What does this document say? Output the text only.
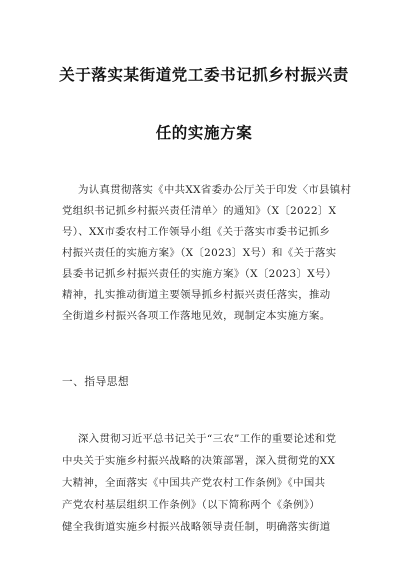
关于落实某街道党工委书记抓乡村振兴责
任的实施方案
为认真贯彻落实《中共XX省委办公厅关于印发〈市县镇村
党组织书记抓乡村振兴责任清单〉的通知》（X〔2022〕X
号）、XX市委农村工作领导小组《关于落实市委书记抓乡
村振兴责任的实施方案》（X〔2023〕X号）和《关于落实
县委书记抓乡村振兴责任的实施方案》（X〔2023〕X号）
精神，扎实推动街道主要领导抓乡村振兴责任落实，推动
全街道乡村振兴各项工作落地见效，现制定本实施方案。
一、指导思想
深入贯彻习近平总书记关于“三农”工作的重要论述和党
中央关于实施乡村振兴战略的决策部署，深入贯彻党的XX
大精神，全面落实《中国共产党农村工作条例》《中国共
产党农村基层组织工作条例》（以下简称两个《条例》）
健全我街道实施乡村振兴战略领导责任制，明确落实街道
